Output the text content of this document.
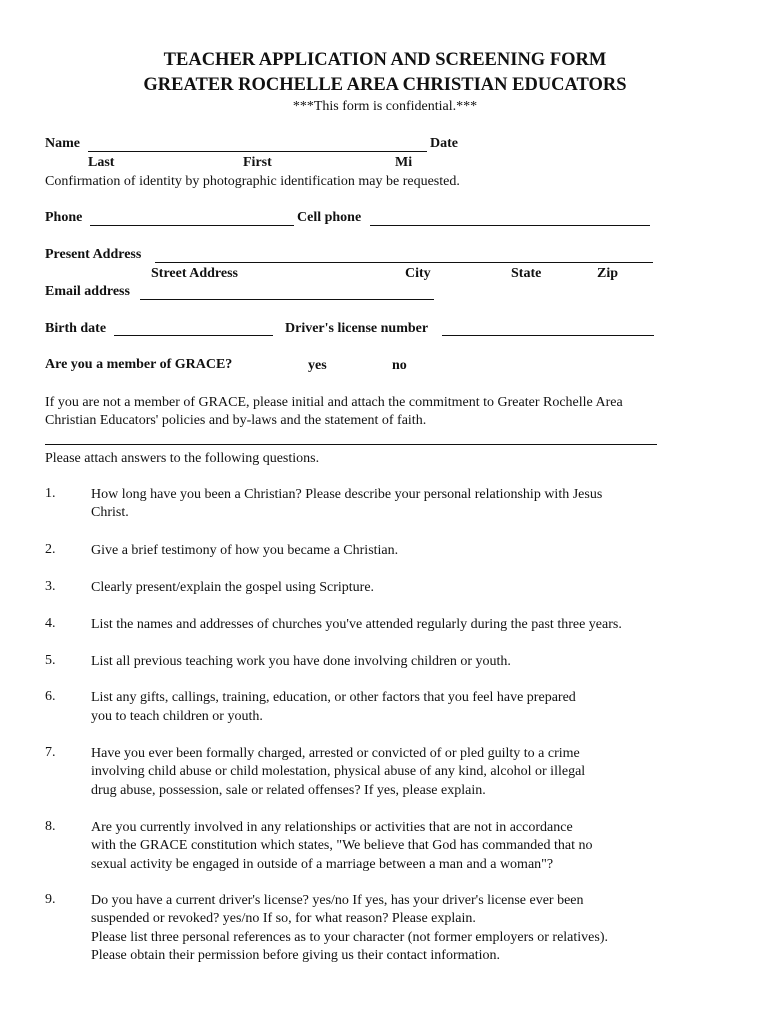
TEACHER APPLICATION AND SCREENING FORM
GREATER ROCHELLE AREA CHRISTIAN EDUCATORS
***This form is confidential.***
Name	Date
Last	First	Mi
Confirmation of identity by photographic identification may be requested.
Phone	Cell phone
Present Address
Street Address	City	State	Zip
Email address
Birth date	Driver's license number
Are you a member of GRACE?	yes	no
If you are not a member of GRACE, please initial and attach the commitment to Greater Rochelle Area
Christian Educators' policies and by-laws and the statement of faith.
Please attach answers to the following questions.
1.	How long have you been a Christian? Please describe your personal relationship with Jesus
Christ.
2.	Give a brief testimony of how you became a Christian.
3.	Clearly present/explain the gospel using Scripture.
4.	List the names and addresses of churches you've attended regularly during the past three years.
5.	List all previous teaching work you have done involving children or youth.
6.	List any gifts, callings, training, education, or other factors that you feel have prepared
you to teach children or youth.
7.	Have you ever been formally charged, arrested or convicted of or pled guilty to a crime
involving child abuse or child molestation, physical abuse of any kind, alcohol or illegal
drug abuse, possession, sale or related offenses? If yes, please explain.
8.	Are you currently involved in any relationships or activities that are not in accordance
with the GRACE constitution which states, "We believe that God has commanded that no
sexual activity be engaged in outside of a marriage between a man and a woman"?
9.	Do you have a current driver's license? yes/no If yes, has your driver's license ever been
suspended or revoked? yes/no If so, for what reason? Please explain.
Please list three personal references as to your character (not former employers or relatives).
Please obtain their permission before giving us their contact information.
